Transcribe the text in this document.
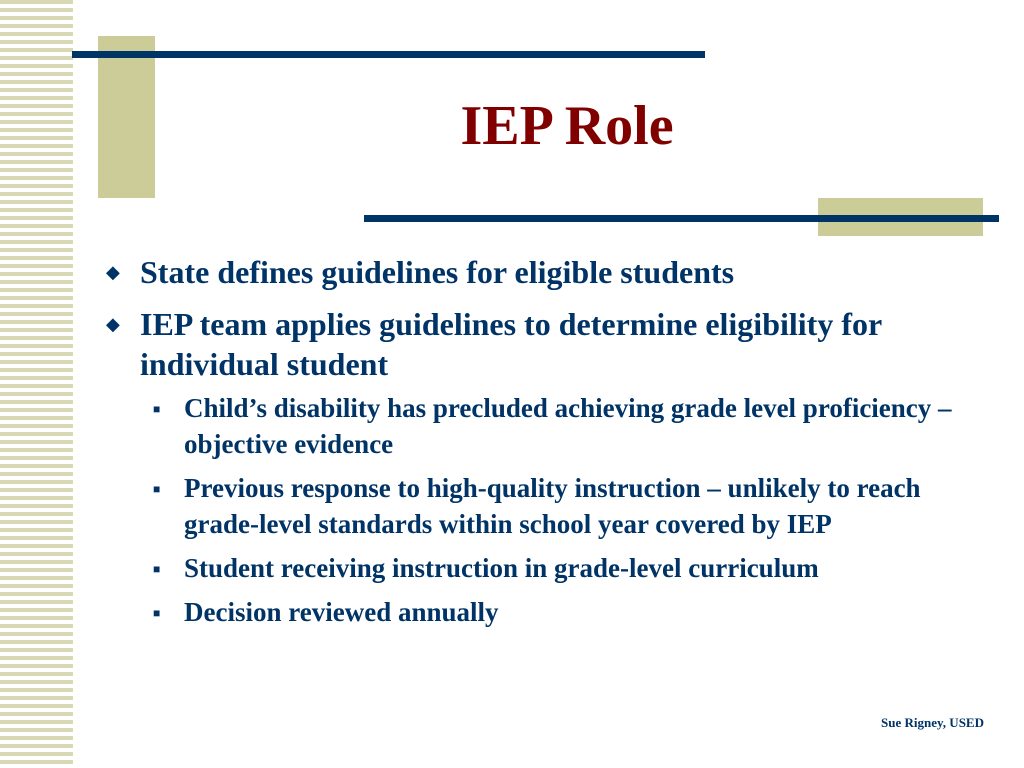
IEP Role
◆ State defines guidelines for eligible students
◆ IEP team applies guidelines to determine eligibility for individual student
■ Child’s disability has precluded achieving grade level proficiency – objective evidence
■ Previous response to high-quality instruction – unlikely to reach grade-level standards within school year covered by IEP
■ Student receiving instruction in grade-level curriculum
■ Decision reviewed annually
Sue Rigney, USED
